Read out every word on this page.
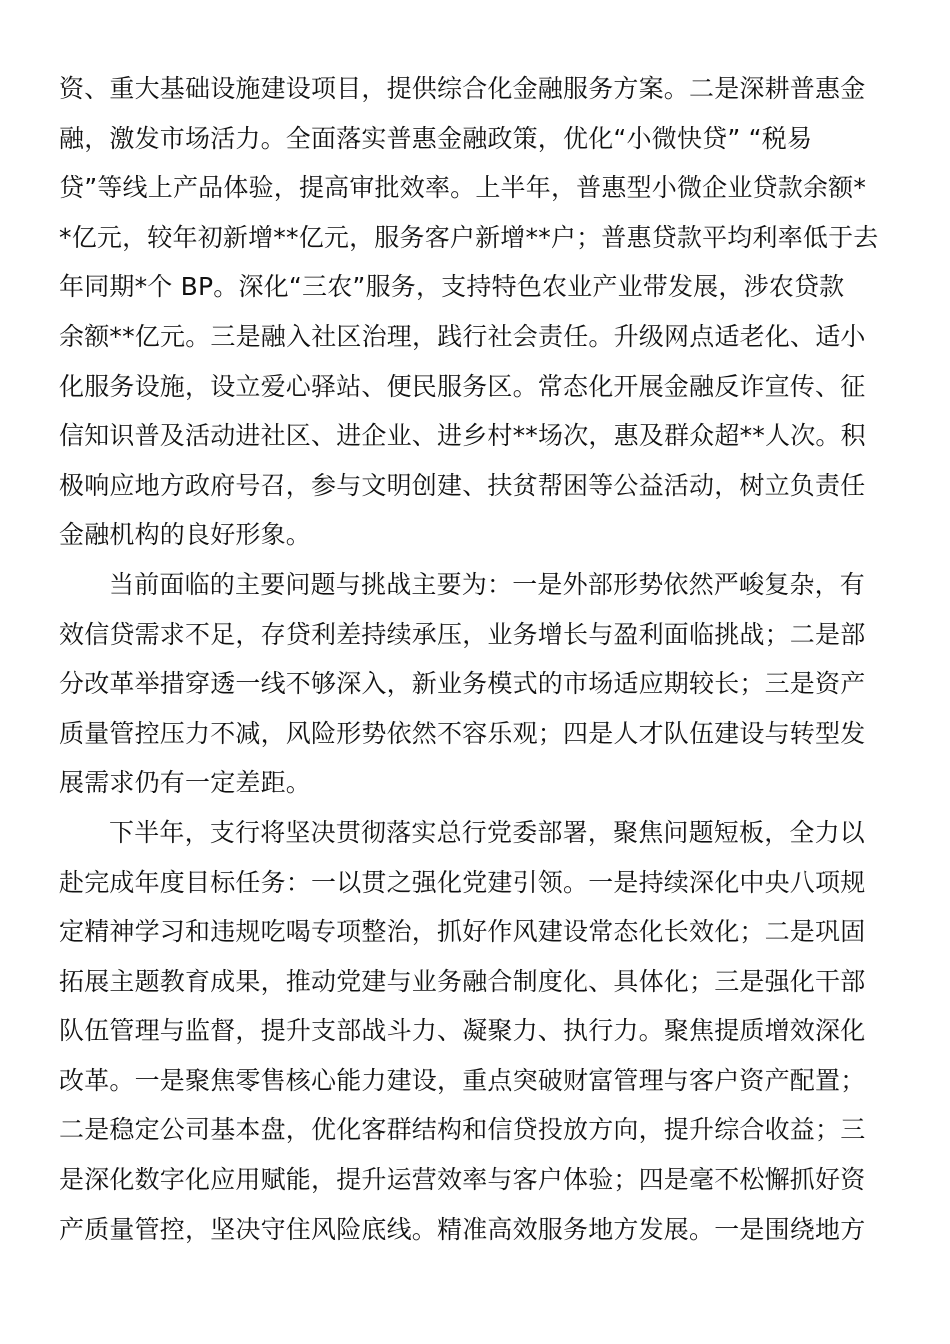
资、重大基础设施建设项目，提供综合化金融服务方案。二是深耕普惠金
融，激发市场活力。全面落实普惠金融政策，优化“小微快贷” “税易
贷”等线上产品体验，提高审批效率。上半年，普惠型小微企业贷款余额*
*亿元，较年初新增**亿元，服务客户新增**户；普惠贷款平均利率低于去
年同期*个 BP。深化“三农”服务，支持特色农业产业带发展，涉农贷款
余额**亿元。三是融入社区治理，践行社会责任。升级网点适老化、适小
化服务设施，设立爱心驿站、便民服务区。常态化开展金融反诈宣传、征
信知识普及活动进社区、进企业、进乡村**场次，惠及群众超**人次。积
极响应地方政府号召，参与文明创建、扶贫帮困等公益活动，树立负责任
金融机构的良好形象。
当前面临的主要问题与挑战主要为：一是外部形势依然严峻复杂，有
效信贷需求不足，存贷利差持续承压，业务增长与盈利面临挑战；二是部
分改革举措穿透一线不够深入，新业务模式的市场适应期较长；三是资产
质量管控压力不减，风险形势依然不容乐观；四是人才队伍建设与转型发
展需求仍有一定差距。
下半年，支行将坚决贯彻落实总行党委部署，聚焦问题短板，全力以
赴完成年度目标任务：一以贯之强化党建引领。一是持续深化中央八项规
定精神学习和违规吃喝专项整治，抓好作风建设常态化长效化；二是巩固
拓展主题教育成果，推动党建与业务融合制度化、具体化；三是强化干部
队伍管理与监督，提升支部战斗力、凝聚力、执行力。聚焦提质增效深化
改革。一是聚焦零售核心能力建设，重点突破财富管理与客户资产配置；
二是稳定公司基本盘，优化客群结构和信贷投放方向，提升综合收益；三
是深化数字化应用赋能，提升运营效率与客户体验；四是毫不松懈抓好资
产质量管控，坚决守住风险底线。精准高效服务地方发展。一是围绕地方
